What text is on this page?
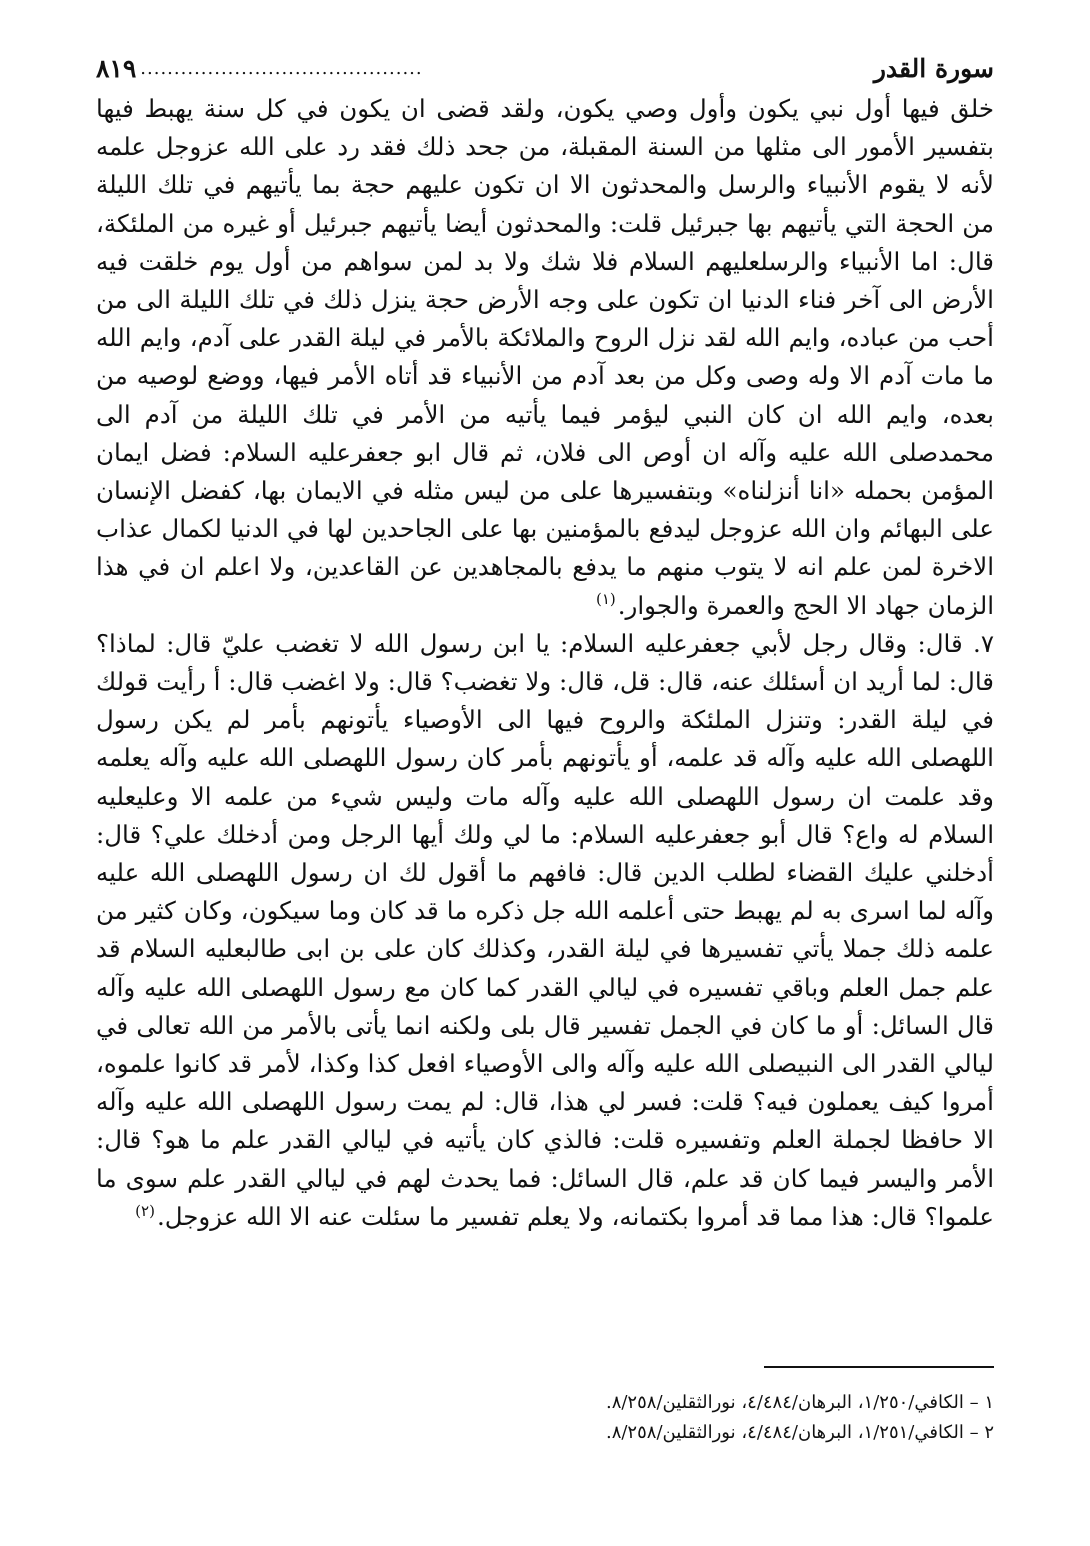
سورة القدر
..........................................
٨١٩

خلق فيها أول نبي يكون وأول وصي يكون، ولقد قضى ان يكون في كل سنة يهبط فيها بتفسير الأمور الى مثلها من السنة المقبلة، من جحد ذلك فقد رد على الله عزوجل علمه لأنه لا يقوم الأنبياء والرسل والمحدثون الا ان تكون عليهم حجة بما يأتيهم في تلك الليلة من الحجة التي يأتيهم بها جبرئيل قلت: والمحدثون أيضا يأتيهم جبرئيل أو غيره من الملئكة، قال: اما الأنبياء والرسلعليهم السلام فلا شك ولا بد لمن سواهم من أول يوم خلقت فيه الأرض الى آخر فناء الدنيا ان تكون على وجه الأرض حجة ينزل ذلك في تلك الليلة الى من أحب من عباده، وايم الله لقد نزل الروح والملائكة بالأمر في ليلة القدر على آدم، وايم الله ما مات آدم الا وله وصى وكل من بعد آدم من الأنبياء قد أتاه الأمر فيها، ووضع لوصيه من بعده، وايم الله ان كان النبي ليؤمر فيما يأتيه من الأمر في تلك الليلة من آدم الى محمدصلى الله عليه وآله ان أوص الى فلان، ثم قال ابو جعفرعليه السلام: فضل ايمان المؤمن بحمله «انا أنزلناه» وبتفسيرها على من ليس مثله في الايمان بها، كفضل الإنسان على البهائم وان الله عزوجل ليدفع بالمؤمنين بها على الجاحدين لها في الدنيا لكمال عذاب الاخرة لمن علم انه لا يتوب منهم ما يدفع بالمجاهدين عن القاعدين، ولا اعلم ان في هذا الزمان جهاد الا الحج والعمرة والجوار.$^{(١)}$

٧. قال: وقال رجل لأبي جعفرعليه السلام: يا ابن رسول الله لا تغضب عليّ قال: لماذا؟قال: لما أريد ان أسئلك عنه، قال: قل، قال: ولا تغضب؟ قال: ولا اغضب قال: أ رأيت قولك في ليلة القدر: وتنزل الملئكة والروح فيها الى الأوصياء يأتونهم بأمر لم يكن رسول اللهصلى الله عليه وآله قد علمه، أو يأتونهم بأمر كان رسول اللهصلى الله عليه وآله يعلمه وقد علمت ان رسول اللهصلى الله عليه وآله مات وليس شيء من علمه الا وعليعليه السلام له واع؟ قال أبو جعفرعليه السلام: ما لي ولك أيها الرجل ومن أدخلك علي؟ قال: أدخلني عليك القضاء لطلب الدين قال: فافهم ما أقول لك ان رسول اللهصلى الله عليه وآله لما اسرى به لم يهبط حتى أعلمه الله جل ذكره ما قد كان وما سيكون، وكان كثير من علمه ذلك جملا يأتي تفسيرها في ليلة القدر، وكذلك كان على بن ابى طالبعليه السلام قد علم جمل العلم وباقي تفسيره في ليالي القدر كما كان مع رسول اللهصلى الله عليه وآله قال السائل: أو ما كان في الجمل تفسير قال بلى ولكنه انما يأتى بالأمر من الله تعالى في ليالي القدر الى النبيصلى الله عليه وآله والى الأوصياء افعل كذا وكذا، لأمر قد كانوا علموه، أمروا كيف يعملون فيه؟ قلت: فسر لي هذا، قال: لم يمت رسول اللهصلى الله عليه وآله الا حافظا لجملة العلم وتفسيره قلت: فالذي كان يأتيه في ليالي القدر علم ما هو؟ قال: الأمر واليسر فيما كان قد علم، قال السائل: فما يحدث لهم في ليالي القدر علم سوى ما علموا؟ قال: هذا مما قد أمروا بكتمانه، ولا يعلم تفسير ما سئلت عنه الا الله عزوجل.$^{(٢)}$

١ – الكافي/١/٢٥٠، البرهان/٤/٤٨٤، نورالثقلين/٨/٢٥٨.
٢ – الكافي/١/٢٥١، البرهان/٤/٤٨٤، نورالثقلين/٨/٢٥٨.
